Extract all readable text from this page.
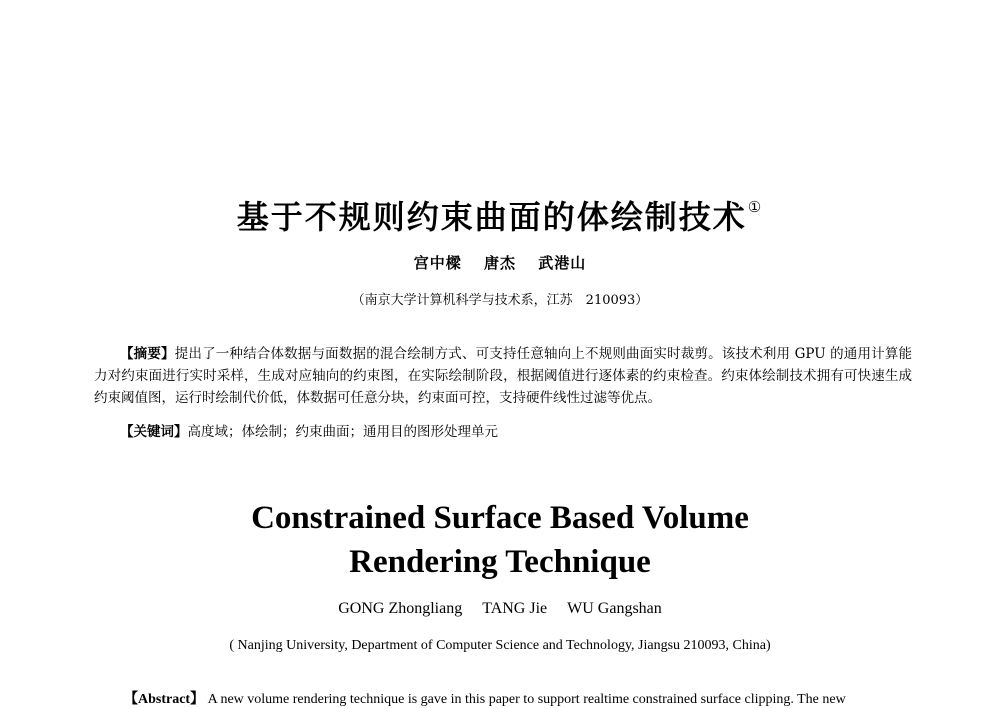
基于不规则约束曲面的体绘制技术①
宫中樑 唐杰 武港山
（南京大学计算机科学与技术系，江苏　210093）
【摘要】提出了一种结合体数据与面数据的混合绘制方式、可支持任意轴向上不规则曲面实时裁剪。该技术利用 GPU 的通用计算能力对约束面进行实时采样，生成对应轴向的约束图，在实际绘制阶段，根据阈值进行逐体素的约束检查。约束体绘制技术拥有可快速生成约束阈值图，运行时绘制代价低，体数据可任意分块，约束面可控，支持硬件线性过滤等优点。
【关键词】高度域；体绘制；约束曲面；通用目的图形处理单元
Constrained Surface Based Volume
Rendering Technique
GONG Zhongliang TANG Jie WU Gangshan
( Nanjing University, Department of Computer Science and Technology, Jiangsu 210093, China)
【Abstract】 A new volume rendering technique is gave in this paper to support realtime constrained surface clipping. The new
